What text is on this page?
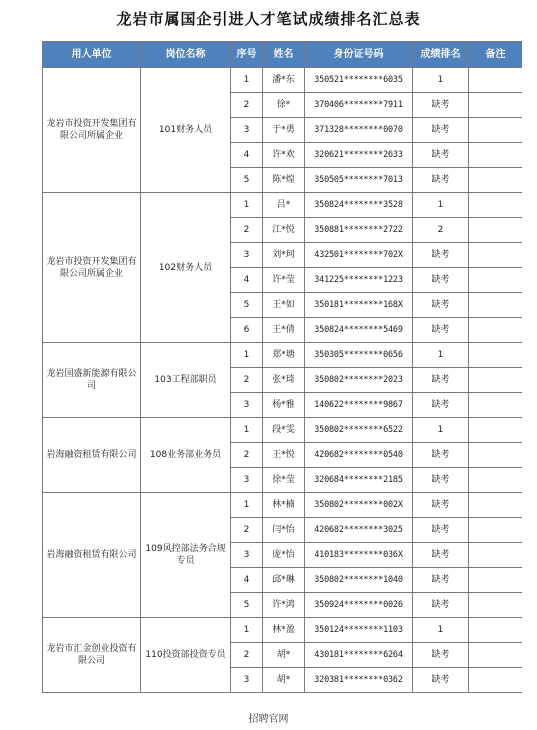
龙岩市属国企引进人才笔试成绩排名汇总表
用人单位	岗位名称	序号	姓名	身份证号码	成绩排名	备注
龙岩市投资开发集团有限公司所属企业	101财务人员	1	潘*东	350521********6035	1	
		2	徐*	370406********7911	缺考	
		3	于*勇	371328********0070	缺考	
		4	许*欢	320621********2633	缺考	
		5	陈*煌	350505********7013	缺考	
龙岩市投资开发集团有限公司所属企业	102财务人员	1	吕*	350824********3528	1	
		2	江*悦	350881********2722	2	
		3	刘*珂	432501********702X	缺考	
		4	许*莹	341225********1223	缺考	
		5	王*如	350181********168X	缺考	
		6	王*倩	350824********5469	缺考	
龙岩国盛新能源有限公司	103工程部职员	1	郑*塘	350305********0656	1	
		2	张*琦	350802********2023	缺考	
		3	杨*雅	140622********9867	缺考	
岩海融资租赁有限公司	108业务部业务员	1	段*雯	350802********6522	1	
		2	王*悦	420682********0540	缺考	
		3	徐*莹	320684********2185	缺考	
岩海融资租赁有限公司	109风控部法务合规专员	1	林*楠	350802********002X	缺考	
		2	闫*怡	420682********3025	缺考	
		3	庞*怡	410183********036X	缺考	
		4	邱*琳	350802********1040	缺考	
		5	许*鸿	350924********0026	缺考	
龙岩市汇金创业投资有限公司	110投资部投资专员	1	林*盈	350124********1103	1	
		2	胡*	430181********6264	缺考	
		3	胡*	320381********0362	缺考	
招聘官网
